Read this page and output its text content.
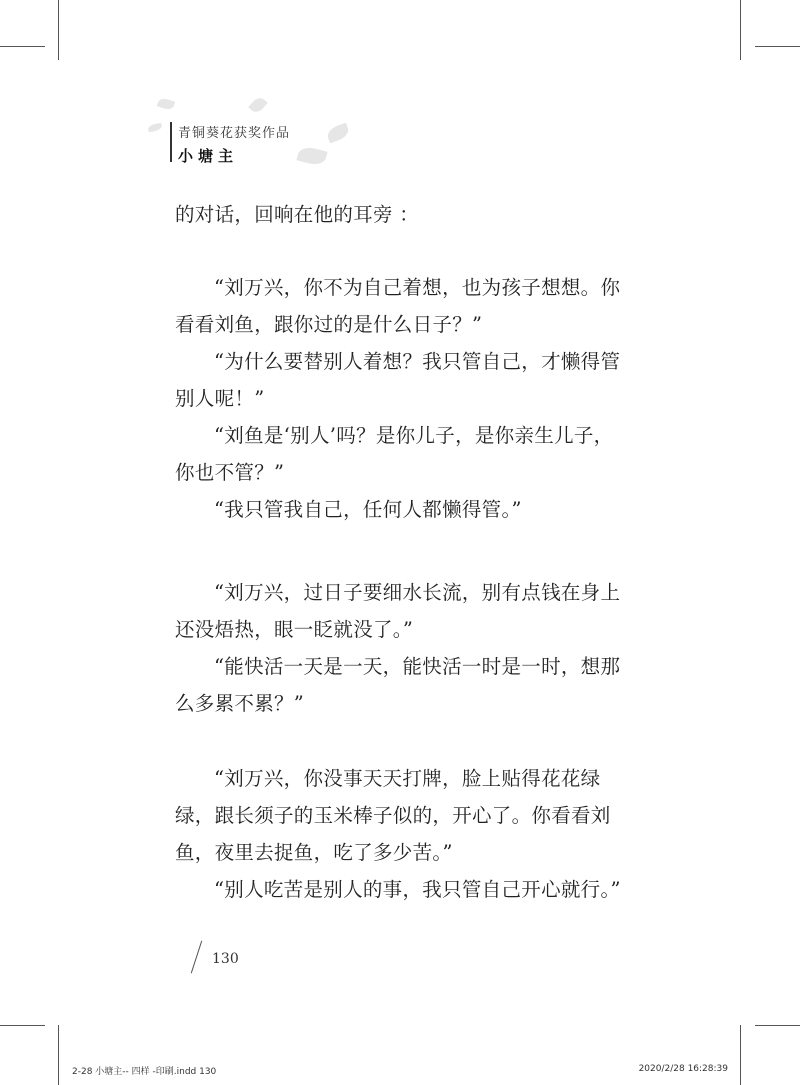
青铜葵花获奖作品
小塘主

的对话，回响在他的耳旁 ：

“刘万兴，你不为自己着想，也为孩子想想。你看看刘鱼，跟你过的是什么日子？”

“为什么要替别人着想？我只管自己，才懒得管别人呢！”

“刘鱼是‘别人’吗？是你儿子，是你亲生儿子，你也不管？”

“我只管我自己，任何人都懒得管。”

“刘万兴，过日子要细水长流，别有点钱在身上还没焐热，眼一眨就没了。”

“能快活一天是一天，能快活一时是一时，想那么多累不累？”

“刘万兴，你没事天天打牌，脸上贴得花花绿绿，跟长须子的玉米棒子似的，开心了。你看看刘鱼，夜里去捉鱼，吃了多少苦。”

“别人吃苦是别人的事，我只管自己开心就行。”

130
2-28 小塘主-- 四样 -印刷.indd 130	2020/2/28 16:28:39
